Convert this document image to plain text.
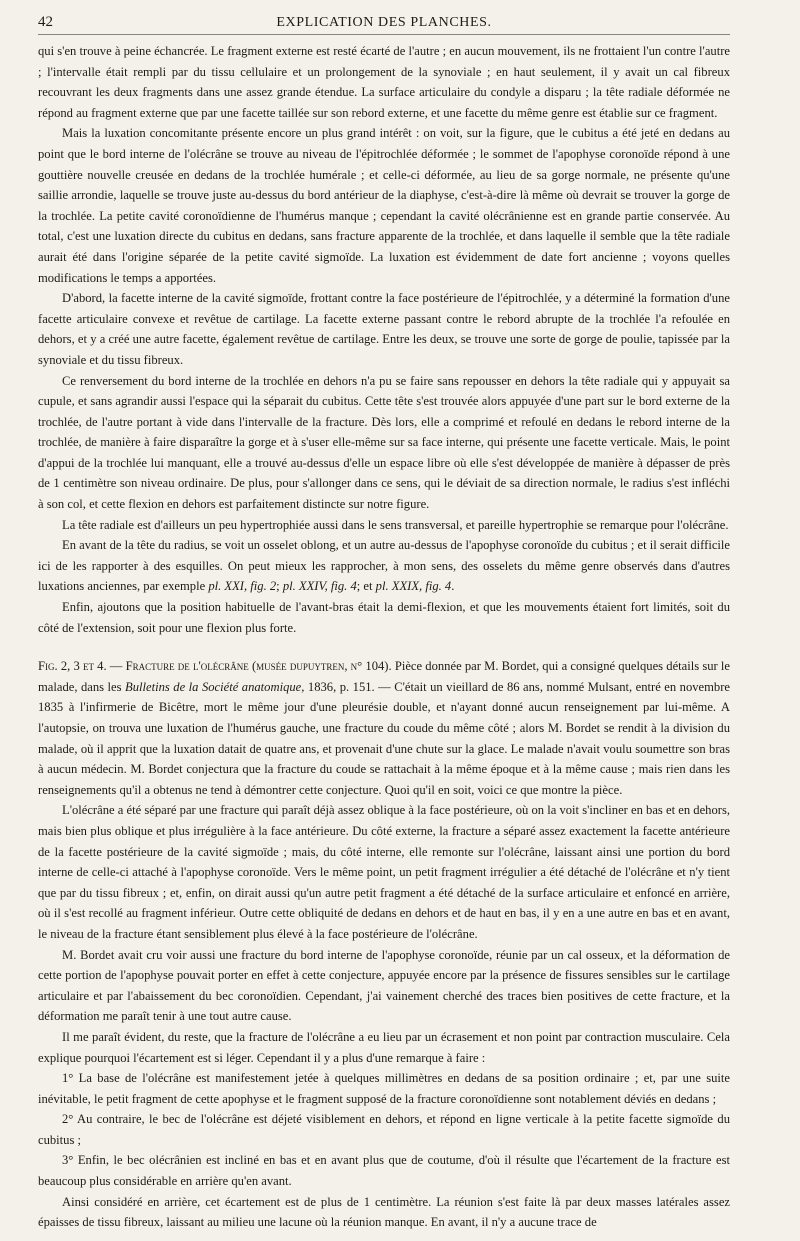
42	EXPLICATION DES PLANCHES.

qui s'en trouve à peine échancrée. Le fragment externe est resté écarté de l'autre ; en aucun mouvement, ils ne frottaient l'un contre l'autre ; l'intervalle était rempli par du tissu cellulaire et un prolongement de la synoviale ; en haut seulement, il y avait un cal fibreux recouvrant les deux fragments dans une assez grande étendue. La surface articulaire du condyle a disparu ; la tête radiale déformée ne répond au fragment externe que par une facette taillée sur son rebord externe, et une facette du même genre est établie sur ce fragment.

Mais la luxation concomitante présente encore un plus grand intérêt : on voit, sur la figure, que le cubitus a été jeté en dedans au point que le bord interne de l'olécrâne se trouve au niveau de l'épitrochlée déformée ; le sommet de l'apophyse coronoïde répond à une gouttière nouvelle creusée en dedans de la trochlée humérale ; et celle-ci déformée, au lieu de sa gorge normale, ne présente qu'une saillie arrondie, laquelle se trouve juste au-dessus du bord antérieur de la diaphyse, c'est-à-dire là même où devrait se trouver la gorge de la trochlée. La petite cavité coronoïdienne de l'humérus manque ; cependant la cavité olécrânienne est en grande partie conservée. Au total, c'est une luxation directe du cubitus en dedans, sans fracture apparente de la trochlée, et dans laquelle il semble que la tête radiale aurait été dans l'origine séparée de la petite cavité sigmoïde. La luxation est évidemment de date fort ancienne ; voyons quelles modifications le temps a apportées.

D'abord, la facette interne de la cavité sigmoïde, frottant contre la face postérieure de l'épitrochlée, y a déterminé la formation d'une facette articulaire convexe et revêtue de cartilage. La facette externe passant contre le rebord abrupte de la trochlée l'a refoulée en dehors, et y a créé une autre facette, également revêtue de cartilage. Entre les deux, se trouve une sorte de gorge de poulie, tapissée par la synoviale et du tissu fibreux.

Ce renversement du bord interne de la trochlée en dehors n'a pu se faire sans repousser en dehors la tête radiale qui y appuyait sa cupule, et sans agrandir aussi l'espace qui la séparait du cubitus. Cette tête s'est trouvée alors appuyée d'une part sur le bord externe de la trochlée, de l'autre portant à vide dans l'intervalle de la fracture. Dès lors, elle a comprimé et refoulé en dedans le rebord interne de la trochlée, de manière à faire disparaître la gorge et à s'user elle-même sur sa face interne, qui présente une facette verticale. Mais, le point d'appui de la trochlée lui manquant, elle a trouvé au-dessus d'elle un espace libre où elle s'est développée de manière à dépasser de près de 1 centimètre son niveau ordinaire. De plus, pour s'allonger dans ce sens, qui le déviait de sa direction normale, le radius s'est infléchi à son col, et cette flexion en dehors est parfaitement distincte sur notre figure.

La tête radiale est d'ailleurs un peu hypertrophiée aussi dans le sens transversal, et pareille hypertrophie se remarque pour l'olécrâne.

En avant de la tête du radius, se voit un osselet oblong, et un autre au-dessus de l'apophyse coronoïde du cubitus ; et il serait difficile ici de les rapporter à des esquilles. On peut mieux les rapprocher, à mon sens, des osselets du même genre observés dans d'autres luxations anciennes, par exemple pl. XXI, fig. 2; pl. XXIV, fig. 4; et pl. XXIX, fig. 4.

Enfin, ajoutons que la position habituelle de l'avant-bras était la demi-flexion, et que les mouvements étaient fort limités, soit du côté de l'extension, soit pour une flexion plus forte.

Fig. 2, 3 et 4. — Fracture de l'olécrâne (musée dupuytren, n° 104). Pièce donnée par M. Bordet, qui a consigné quelques détails sur le malade, dans les Bulletins de la Société anatomique, 1836, p. 151. — C'était un vieillard de 86 ans, nommé Mulsant, entré en novembre 1835 à l'infirmerie de Bicêtre, mort le même jour d'une pleurésie double, et n'ayant donné aucun renseignement par lui-même. A l'autopsie, on trouva une luxation de l'humérus gauche, une fracture du coude du même côté ; alors M. Bordet se rendit à la division du malade, où il apprit que la luxation datait de quatre ans, et provenait d'une chute sur la glace. Le malade n'avait voulu soumettre son bras à aucun médecin. M. Bordet conjectura que la fracture du coude se rattachait à la même époque et à la même cause ; mais rien dans les renseignements qu'il a obtenus ne tend à démontrer cette conjecture. Quoi qu'il en soit, voici ce que montre la pièce.

L'olécrâne a été séparé par une fracture qui paraît déjà assez oblique à la face postérieure, où on la voit s'incliner en bas et en dehors, mais bien plus oblique et plus irrégulière à la face antérieure. Du côté externe, la fracture a séparé assez exactement la facette antérieure de la facette postérieure de la cavité sigmoïde ; mais, du côté interne, elle remonte sur l'olécrâne, laissant ainsi une portion du bord interne de celle-ci attaché à l'apophyse coronoïde. Vers le même point, un petit fragment irrégulier a été détaché de l'olécrâne et n'y tient que par du tissu fibreux ; et, enfin, on dirait aussi qu'un autre petit fragment a été détaché de la surface articulaire et enfoncé en arrière, où il s'est recollé au fragment inférieur. Outre cette obliquité de dedans en dehors et de haut en bas, il y en a une autre en bas et en avant, le niveau de la fracture étant sensiblement plus élevé à la face postérieure de l'olécrâne.

M. Bordet avait cru voir aussi une fracture du bord interne de l'apophyse coronoïde, réunie par un cal osseux, et la déformation de cette portion de l'apophyse pouvait porter en effet à cette conjecture, appuyée encore par la présence de fissures sensibles sur le cartilage articulaire et par l'abaissement du bec coronoïdien. Cependant, j'ai vainement cherché des traces bien positives de cette fracture, et la déformation me paraît tenir à une tout autre cause.

Il me paraît évident, du reste, que la fracture de l'olécrâne a eu lieu par un écrasement et non point par contraction musculaire. Cela explique pourquoi l'écartement est si léger. Cependant il y a plus d'une remarque à faire :

1° La base de l'olécrâne est manifestement jetée à quelques millimètres en dedans de sa position ordinaire ; et, par une suite inévitable, le petit fragment de cette apophyse et le fragment supposé de la fracture coronoïdienne sont notablement déviés en dedans ;

2° Au contraire, le bec de l'olécrâne est déjeté visiblement en dehors, et répond en ligne verticale à la petite facette sigmoïde du cubitus ;

3° Enfin, le bec olécrânien est incliné en bas et en avant plus que de coutume, d'où il résulte que l'écartement de la fracture est beaucoup plus considérable en arrière qu'en avant.

Ainsi considéré en arrière, cet écartement est de plus de 1 centimètre. La réunion s'est faite là par deux masses latérales assez épaisses de tissu fibreux, laissant au milieu une lacune où la réunion manque. En avant, il n'y a aucune trace de
